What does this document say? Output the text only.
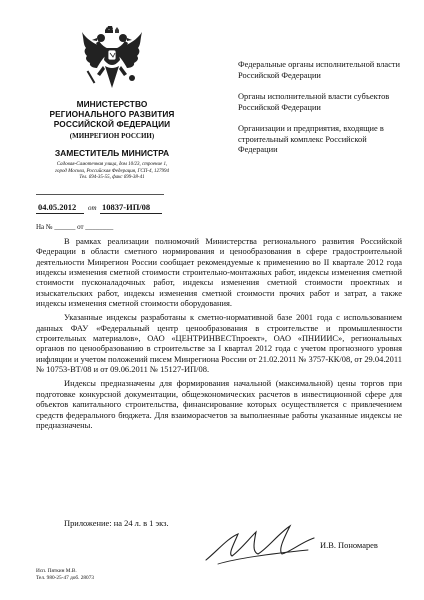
МИНИСТЕРСТВО
РЕГИОНАЛЬНОГО РАЗВИТИЯ
РОССИЙСКОЙ ФЕДЕРАЦИИ
(МИНРЕГИОН РОССИИ)
ЗАМЕСТИТЕЛЬ МИНИСТРА
Садовая-Самотечная улица, дом 10/23, строение 1,
город Москва, Российская Федерация, ГСП-4, 127994
Тел. 694-35-55, факс 699-38-41
04.05.2012 от 10837-ИП/08
На № ______ от ________

Федеральные органы исполнительной власти Российской Федерации

Органы исполнительной власти субъектов Российской Федерации

Организации и предприятия, входящие в строительный комплекс Российской Федерации

В рамках реализации полномочий Министерства регионального развития Российской Федерации в области сметного нормирования и ценообразования в сфере градостроительной деятельности Минрегион России сообщает рекомендуемые к применению во II квартале 2012 года индексы изменения сметной стоимости строительно-монтажных работ, индексы изменения сметной стоимости пусконаладочных работ, индексы изменения сметной стоимости проектных и изыскательских работ, индексы изменения сметной стоимости прочих работ и затрат, а также индексы изменения сметной стоимости оборудования.

Указанные индексы разработаны к сметно-нормативной базе 2001 года с использованием данных ФАУ «Федеральный центр ценообразования в строительстве и промышленности строительных материалов», ОАО «ЦЕНТРИНВЕСТпроект», ОАО «ПНИИИС», региональных органов по ценообразованию в строительстве за I квартал 2012 года с учетом прогнозного уровня инфляции и учетом положений писем Минрегиона России от 21.02.2011 № 3757-КК/08, от 29.04.2011 № 10753-ВТ/08 и от 09.06.2011 № 15127-ИП/08.

Индексы предназначены для формирования начальной (максимальной) цены торгов при подготовке конкурсной документации, общеэкономических расчетов в инвестиционной сфере для объектов капитального строительства, финансирование которых осуществляется с привлечением средств федерального бюджета. Для взаиморасчетов за выполненные работы указанные индексы не предназначены.

Приложение: на 24 л. в 1 экз.
И.В. Пономарев
Исп. Пяткин М.В.
Тел. 980-25-47 доб. 28073
